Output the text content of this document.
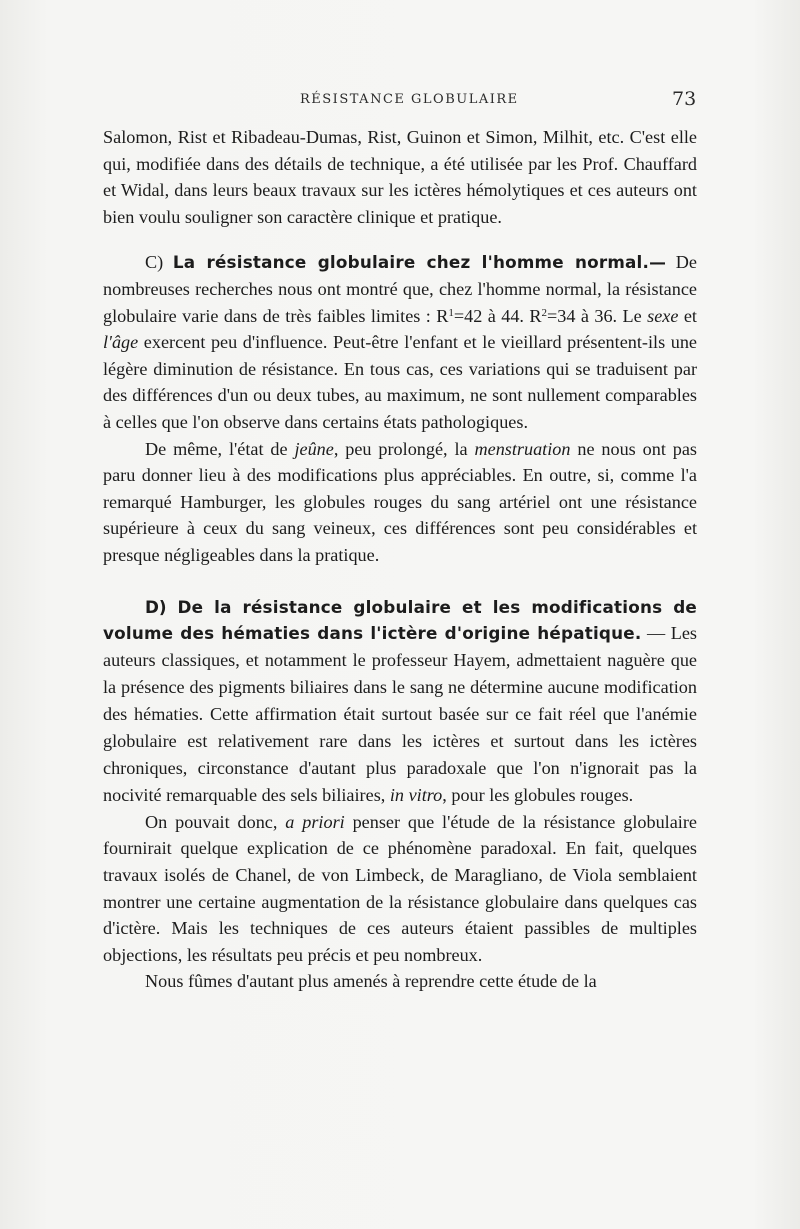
RÉSISTANCE GLOBULAIRE	73

Salomon, Rist et Ribadeau-Dumas, Rist, Guinon et Simon, Milhit, etc. C'est elle qui, modifiée dans des détails de technique, a été utilisée par les Prof. Chauffard et Widal, dans leurs beaux travaux sur les ictères hémolytiques et ces auteurs ont bien voulu souligner son caractère clinique et pratique.

C) La résistance globulaire chez l'homme normal.— De nombreuses recherches nous ont montré que, chez l'homme normal, la résistance globulaire varie dans de très faibles limites : $R^1=42$ à 44. $R^2=34$ à 36. Le sexe et l'âge exercent peu d'influence. Peut-être l'enfant et le vieillard présentent-ils une légère diminution de résistance. En tous cas, ces variations qui se traduisent par des différences d'un ou deux tubes, au maximum, ne sont nullement comparables à celles que l'on observe dans certains états pathologiques.

De même, l'état de jeûne, peu prolongé, la menstruation ne nous ont pas paru donner lieu à des modifications plus appréciables. En outre, si, comme l'a remarqué Hamburger, les globules rouges du sang artériel ont une résistance supérieure à ceux du sang veineux, ces différences sont peu considérables et presque négligeables dans la pratique.

D) De la résistance globulaire et les modifications de volume des hématies dans l'ictère d'origine hépatique. — Les auteurs classiques, et notamment le professeur Hayem, admettaient naguère que la présence des pigments biliaires dans le sang ne détermine aucune modification des hématies. Cette affirmation était surtout basée sur ce fait réel que l'anémie globulaire est relativement rare dans les ictères et surtout dans les ictères chroniques, circonstance d'autant plus paradoxale que l'on n'ignorait pas la nocivité remarquable des sels biliaires, in vitro, pour les globules rouges.

On pouvait donc, a priori penser que l'étude de la résistance globulaire fournirait quelque explication de ce phénomène paradoxal. En fait, quelques travaux isolés de Chanel, de von Limbeck, de Maragliano, de Viola semblaient montrer une certaine augmentation de la résistance globulaire dans quelques cas d'ictère. Mais les techniques de ces auteurs étaient passibles de multiples objections, les résultats peu précis et peu nombreux.

Nous fûmes d'autant plus amenés à reprendre cette étude de la
